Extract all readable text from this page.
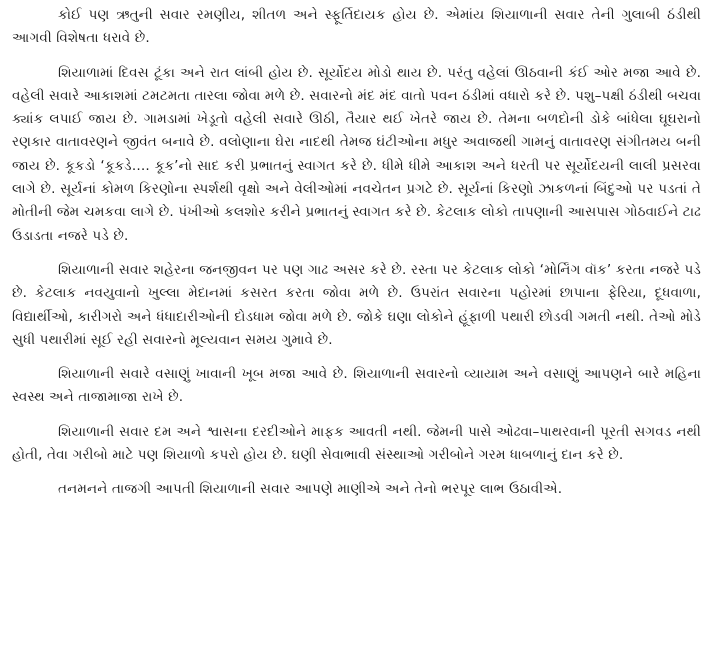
કોઈ પણ ઋતુની સવાર રમણીય, શીતળ અને સ્ફૂર્તિદાયક હોય છે. એમાંય શિયાળાની સવાર તેની ગુલાબી ઠંડીથી આગવી વિશેષતા ધરાવે છે.

શિયાળામાં દિવસ ટૂંકા અને રાત લાંબી હોય છે. સૂર્યોદય મોડો થાય છે. પરંતુ વહેલાં ઊઠવાની કંઈ ઓર મજા આવે છે. વહેલી સવારે આકાશમાં ટમટમતા તારલા જોવા મળે છે. સવારનો મંદ મંદ વાતો પવન ઠંડીમાં વધારો કરે છે. પશુ–પક્ષી ઠંડીથી બચવા ક્યાંક લપાઈ જાય છે. ગામડામાં ખેડૂતો વહેલી સવારે ઊઠી, તૈયાર થઈ ખેતરે જાય છે. તેમના બળદોની ડોકે બાંધેલા ઘૂઘરાનો રણકાર વાતાવરણને જીવંત બનાવે છે. વલોણાના ઘેરા નાદથી તેમજ ઘંટીઓના મધુર અવાજથી ગામનું વાતાવરણ સંગીતમય બની જાય છે. કૂકડો ‘કૂકડે…. કૂક’નો સાદ કરી પ્રભાતનું સ્વાગત કરે છે. ધીમે ધીમે આકાશ અને ધરતી પર સૂર્યોદયની લાલી પ્રસરવા લાગે છે. સૂર્યનાં કોમળ કિરણોના સ્પર્શથી વૃક્ષો અને વેલીઓમાં નવચેતન પ્રગટે છે. સૂર્યનાં કિરણો ઝાકળનાં બિંદુઓ પર પડતાં તે મોતીની જેમ ચમકવા લાગે છે. પંખીઓ કલશોર કરીને પ્રભાતનું સ્વાગત કરે છે. કેટલાક લોકો તાપણાની આસપાસ ગોઠવાઈને ટાઢ ઉડાડતા નજરે પડે છે.

શિયાળાની સવાર શહેરના જનજીવન પર પણ ગાઢ અસર કરે છે. રસ્તા પર કેટલાક લોકો ‘મોર્નિંગ વૉક’ કરતા નજરે પડે છે. કેટલાક નવયુવાનો ખુલ્લા મેદાનમાં કસરત કરતા જોવા મળે છે. ઉપરાંત સવારના પહોરમાં છાપાના ફેરિયા, દૂધવાળા, વિદ્યાર્થીઓ, કારીગરો અને ધંધાદારીઓની દોડધામ જોવા મળે છે. જોકે ઘણા લોકોને હૂંફાળી પથારી છોડવી ગમતી નથી. તેઓ મોડે સુધી પથારીમાં સૂઈ રહી સવારનો મૂલ્યવાન સમય ગુમાવે છે.

શિયાળાની સવારે વસાણું ખાવાની ખૂબ મજા આવે છે. શિયાળાની સવારનો વ્યાયામ અને વસાણું આપણને બારે મહિના સ્વસ્થ અને તાજામાજા રાખે છે.

શિયાળાની સવાર દમ અને શ્વાસના દરદીઓને માફક આવતી નથી. જેમની પાસે ઓઢવા–પાથરવાની પૂરતી સગવડ નથી હોતી, તેવા ગરીબો માટે પણ શિયાળો કપરો હોય છે. ઘણી સેવાભાવી સંસ્થાઓ ગરીબોને ગરમ ધાબળાનું દાન કરે છે.

તનમનને તાજગી આપતી શિયાળાની સવાર આપણે માણીએ અને તેનો ભરપૂર લાભ ઉઠાવીએ.
